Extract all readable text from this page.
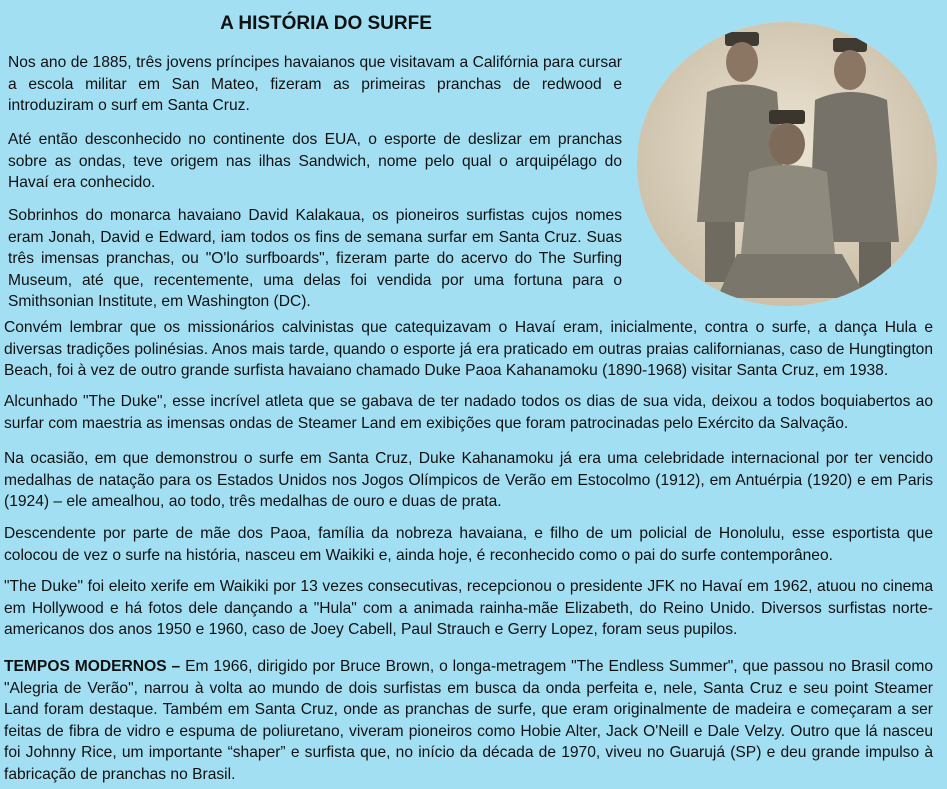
A HISTÓRIA DO SURFE

Nos ano de 1885, três jovens príncipes havaianos que visitavam a Califórnia para cursar a escola militar em San Mateo, fizeram as primeiras pranchas de redwood e introduziram o surf em Santa Cruz.

Até então desconhecido no continente dos EUA, o esporte de deslizar em pranchas sobre as ondas, teve origem nas ilhas Sandwich, nome pelo qual o arquipélago do Havaí era conhecido.

Sobrinhos do monarca havaiano David Kalakaua, os pioneiros surfistas cujos nomes eram Jonah, David e Edward, iam todos os fins de semana surfar em Santa Cruz. Suas três imensas pranchas, ou "O'lo surfboards", fizeram parte do acervo do The Surfing Museum, até que, recentemente, uma delas foi vendida por uma fortuna para o Smithsonian Institute, em Washington (DC).

Convém lembrar que os missionários calvinistas que catequizavam o Havaí eram, inicialmente, contra o surfe, a dança Hula e diversas tradições polinésias. Anos mais tarde, quando o esporte já era praticado em outras praias californianas, caso de Hungtington Beach, foi à vez de outro grande surfista havaiano chamado Duke Paoa Kahanamoku (1890-1968) visitar Santa Cruz, em 1938.

Alcunhado "The Duke", esse incrível atleta que se gabava de ter nadado todos os dias de sua vida, deixou a todos boquiabertos ao surfar com maestria as imensas ondas de Steamer Land em exibições que foram patrocinadas pelo Exército da Salvação.

Na ocasião, em que demonstrou o surfe em Santa Cruz, Duke Kahanamoku já era uma celebridade internacional por ter vencido medalhas de natação para os Estados Unidos nos Jogos Olímpicos de Verão em Estocolmo (1912), em Antuérpia (1920) e em Paris (1924) – ele amealhou, ao todo, três medalhas de ouro e duas de prata.

Descendente por parte de mãe dos Paoa, família da nobreza havaiana, e filho de um policial de Honolulu, esse esportista que colocou de vez o surfe na história, nasceu em Waikiki e, ainda hoje, é reconhecido como o pai do surfe contemporâneo.

"The Duke" foi eleito xerife em Waikiki por 13 vezes consecutivas, recepcionou o presidente JFK no Havaí em 1962, atuou no cinema em Hollywood e há fotos dele dançando a "Hula" com a animada rainha-mãe Elizabeth, do Reino Unido. Diversos surfistas norte-americanos dos anos 1950 e 1960, caso de Joey Cabell, Paul Strauch e Gerry Lopez, foram seus pupilos.

TEMPOS MODERNOS – Em 1966, dirigido por Bruce Brown, o longa-metragem "The Endless Summer", que passou no Brasil como "Alegria de Verão", narrou à volta ao mundo de dois surfistas em busca da onda perfeita e, nele, Santa Cruz e seu point Steamer Land foram destaque. Também em Santa Cruz, onde as pranchas de surfe, que eram originalmente de madeira e começaram a ser feitas de fibra de vidro e espuma de poliuretano, viveram pioneiros como Hobie Alter, Jack O'Neill e Dale Velzy. Outro que lá nasceu foi Johnny Rice, um importante “shaper” e surfista que, no início da década de 1970, viveu no Guarujá (SP) e deu grande impulso à fabricação de pranchas no Brasil.
